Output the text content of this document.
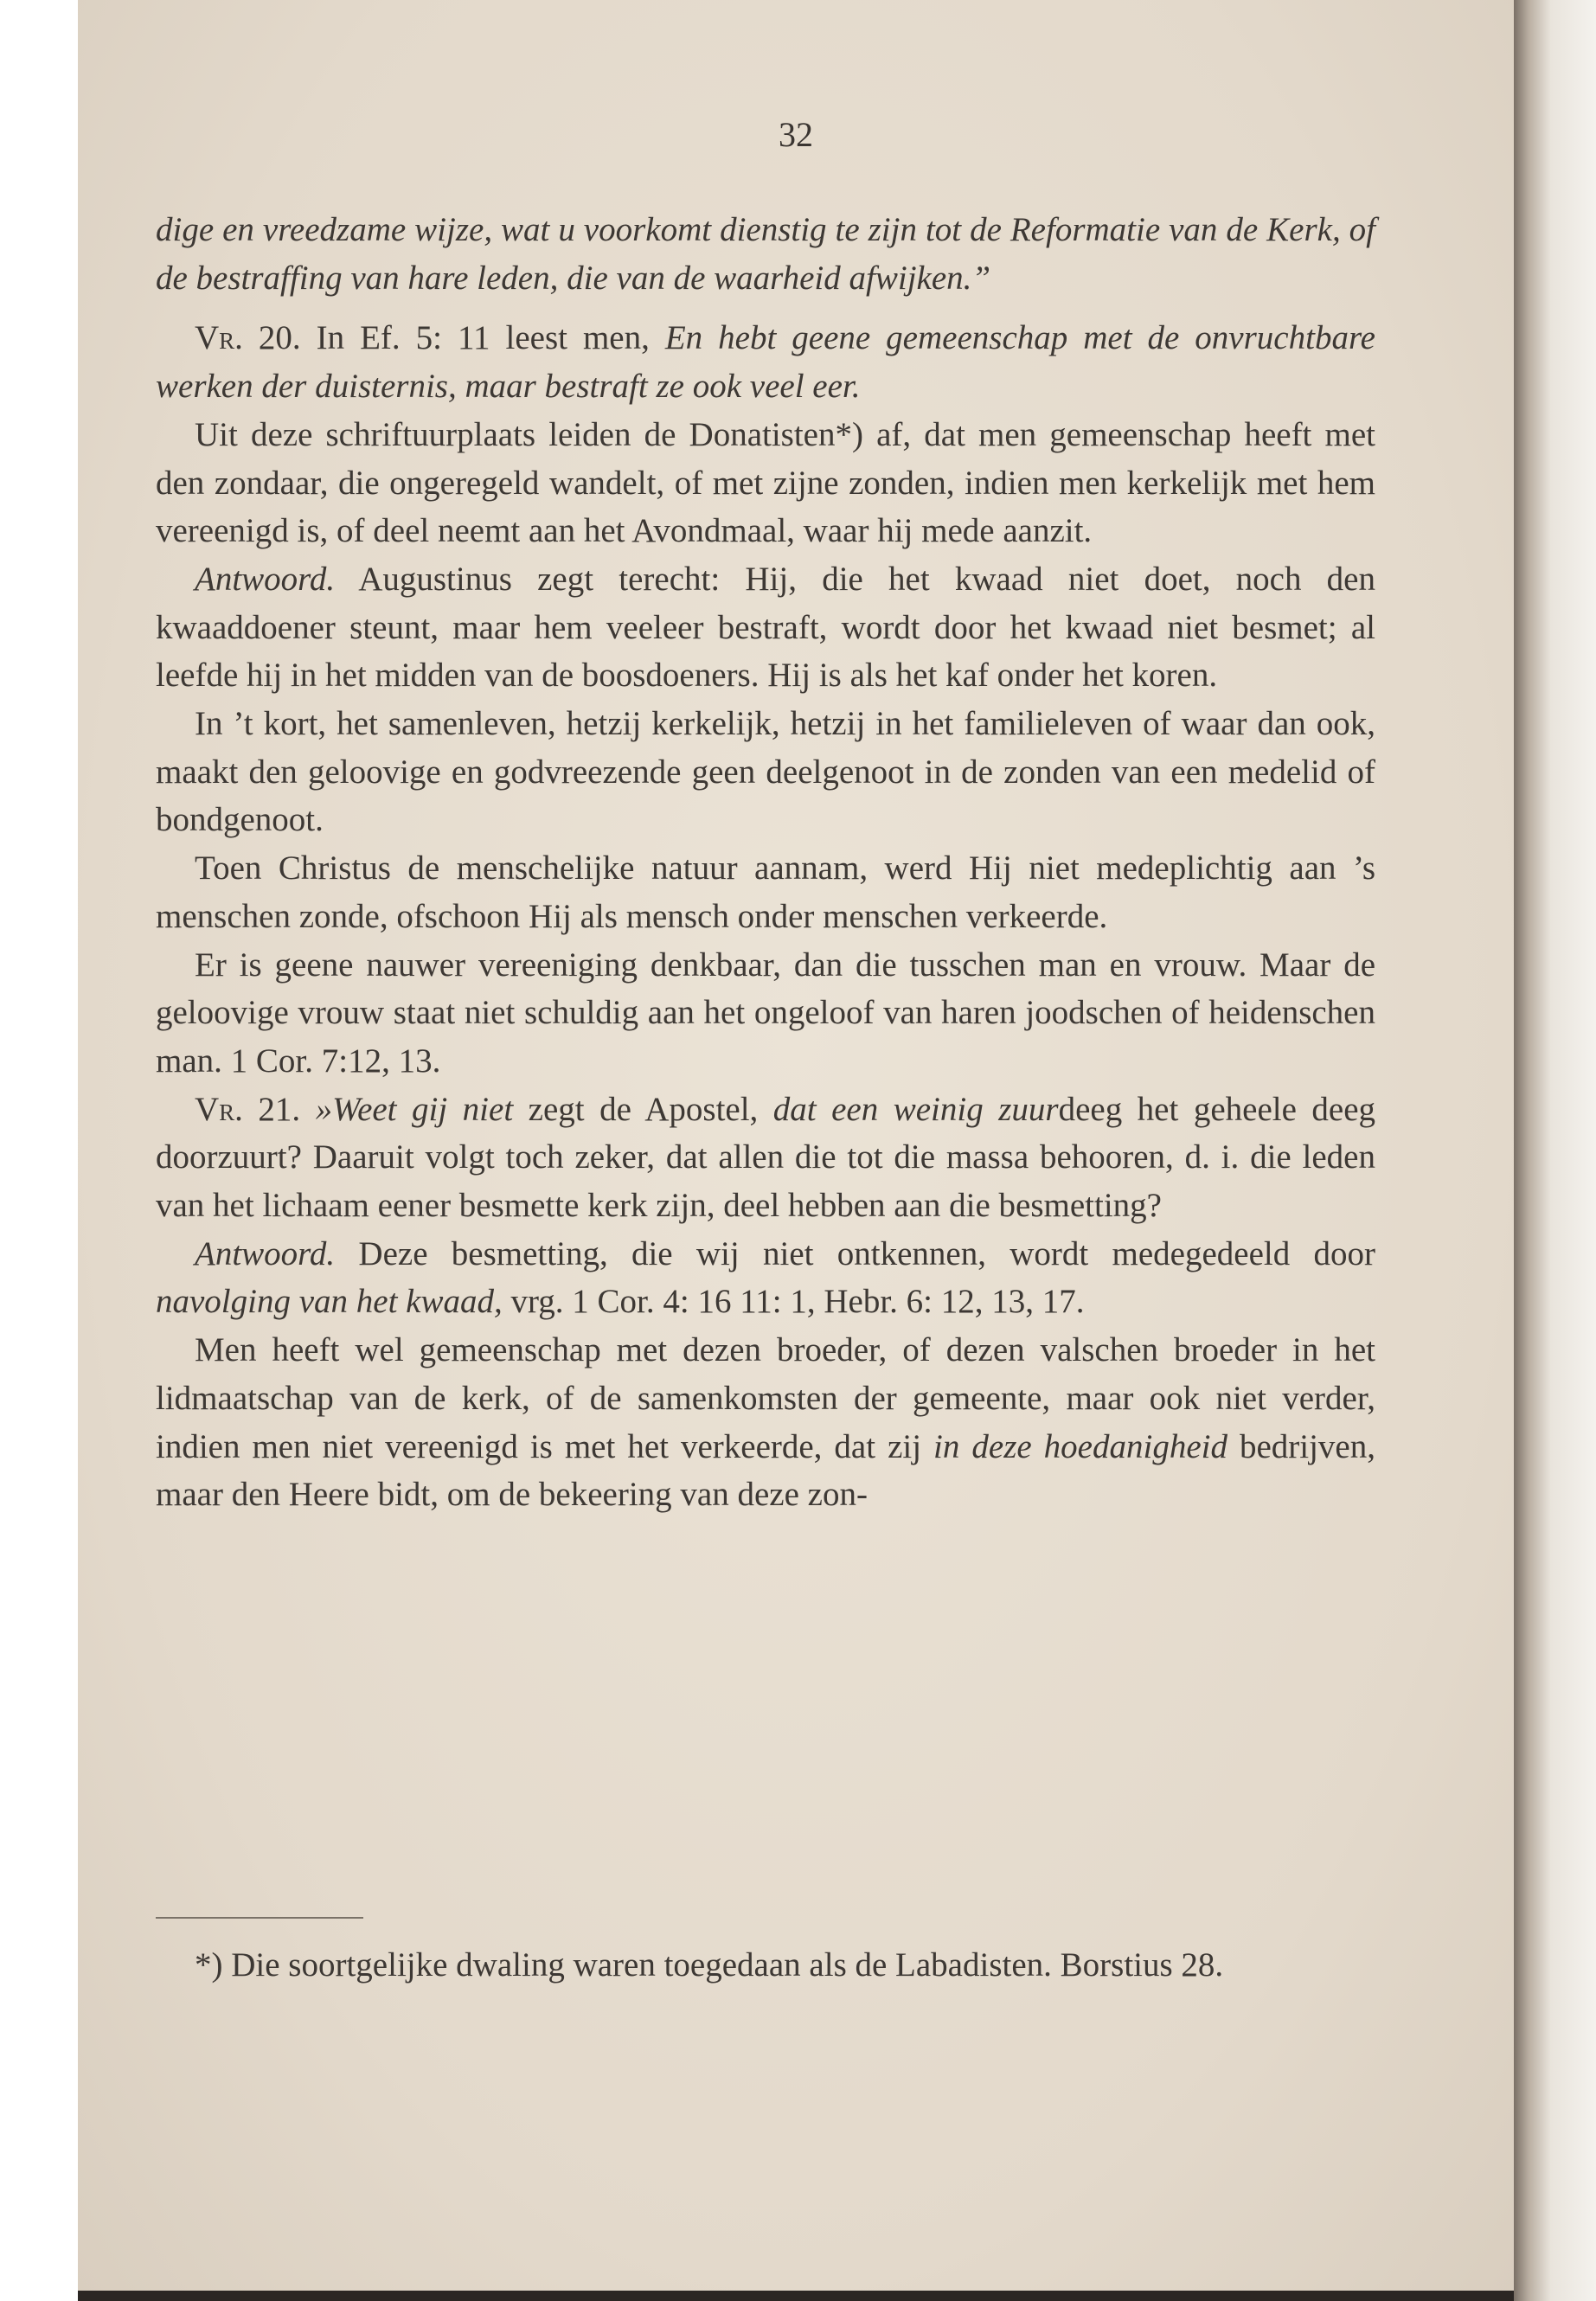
32

dige en vreedzame wijze, wat u voorkomt dienstig te zijn tot de Reformatie van de Kerk, of de bestraffing van hare leden, die van de waarheid afwijken.”

Vr. 20. In Ef. 5: 11 leest men, En hebt geene gemeenschap met de onvruchtbare werken der duisternis, maar bestraft ze ook veel eer.

Uit deze schriftuurplaats leiden de Donatisten*) af, dat men gemeenschap heeft met den zondaar, die ongeregeld wandelt, of met zijne zonden, indien men kerkelijk met hem vereenigd is, of deel neemt aan het Avondmaal, waar hij mede aanzit.

Antwoord. Augustinus zegt terecht: Hij, die het kwaad niet doet, noch den kwaaddoener steunt, maar hem veeleer bestraft, wordt door het kwaad niet besmet; al leefde hij in het midden van de boosdoeners. Hij is als het kaf onder het koren.

In ’t kort, het samenleven, hetzij kerkelijk, hetzij in het familieleven of waar dan ook, maakt den geloovige en godvreezende geen deelgenoot in de zonden van een medelid of bondgenoot.

Toen Christus de menschelijke natuur aannam, werd Hij niet medeplichtig aan ’s menschen zonde, ofschoon Hij als mensch onder menschen verkeerde.

Er is geene nauwer vereeniging denkbaar, dan die tusschen man en vrouw. Maar de geloovige vrouw staat niet schuldig aan het ongeloof van haren joodschen of heidenschen man. 1 Cor. 7:12, 13.

Vr. 21. »Weet gij niet zegt de Apostel, dat een weinig zuurdeeg het geheele deeg doorzuurt? Daaruit volgt toch zeker, dat allen die tot die massa behooren, d. i. die leden van het lichaam eener besmette kerk zijn, deel hebben aan die besmetting?

Antwoord. Deze besmetting, die wij niet ontkennen, wordt medegedeeld door navolging van het kwaad, vrg. 1 Cor. 4: 16 11: 1, Hebr. 6: 12, 13, 17.

Men heeft wel gemeenschap met dezen broeder, of dezen valschen broeder in het lidmaatschap van de kerk, of de samenkomsten der gemeente, maar ook niet verder, indien men niet vereenigd is met het verkeerde, dat zij in deze hoedanigheid bedrijven, maar den Heere bidt, om de bekeering van deze zon-

*) Die soortgelijke dwaling waren toegedaan als de Labadisten. Borstius 28.
